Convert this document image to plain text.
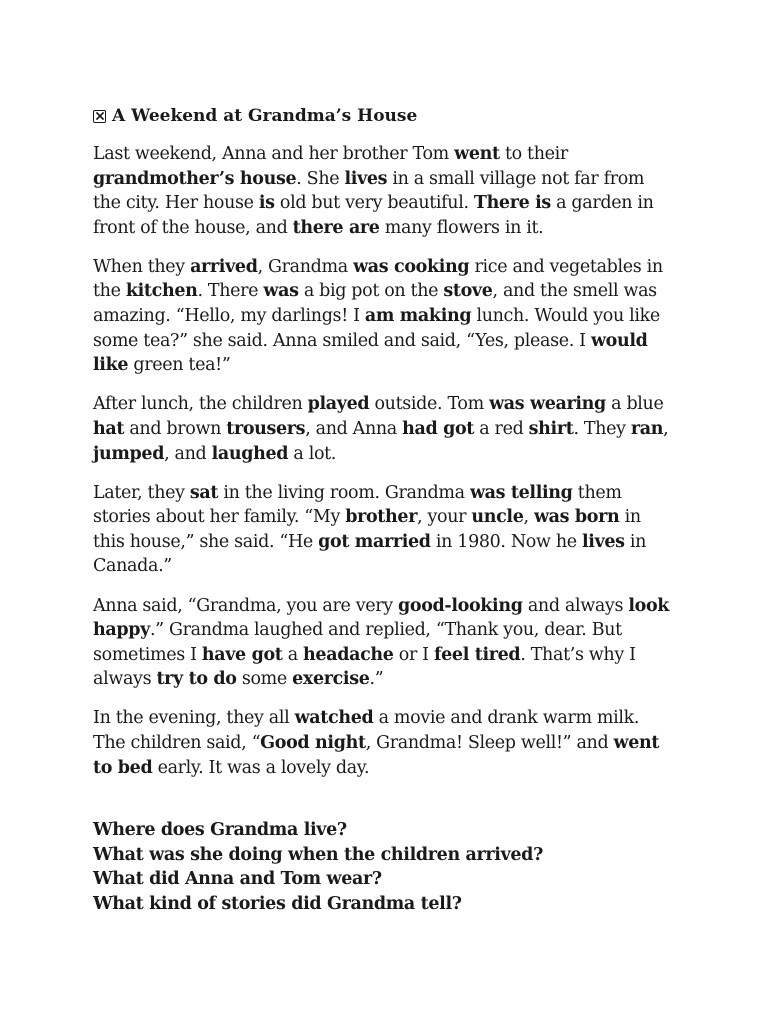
A Weekend at Grandma’s House

Last weekend, Anna and her brother Tom went to their grandmother’s house. She lives in a small village not far from the city. Her house is old but very beautiful. There is a garden in front of the house, and there are many flowers in it.

When they arrived, Grandma was cooking rice and vegetables in the kitchen. There was a big pot on the stove, and the smell was amazing. “Hello, my darlings! I am making lunch. Would you like some tea?” she said. Anna smiled and said, “Yes, please. I would like green tea!”

After lunch, the children played outside. Tom was wearing a blue hat and brown trousers, and Anna had got a red shirt. They ran, jumped, and laughed a lot.

Later, they sat in the living room. Grandma was telling them stories about her family. “My brother, your uncle, was born in this house,” she said. “He got married in 1980. Now he lives in Canada.”

Anna said, “Grandma, you are very good-looking and always look happy.” Grandma laughed and replied, “Thank you, dear. But sometimes I have got a headache or I feel tired. That’s why I always try to do some exercise.”

In the evening, they all watched a movie and drank warm milk. The children said, “Good night, Grandma! Sleep well!” and went to bed early. It was a lovely day.

Where does Grandma live?
What was she doing when the children arrived?
What did Anna and Tom wear?
What kind of stories did Grandma tell?
